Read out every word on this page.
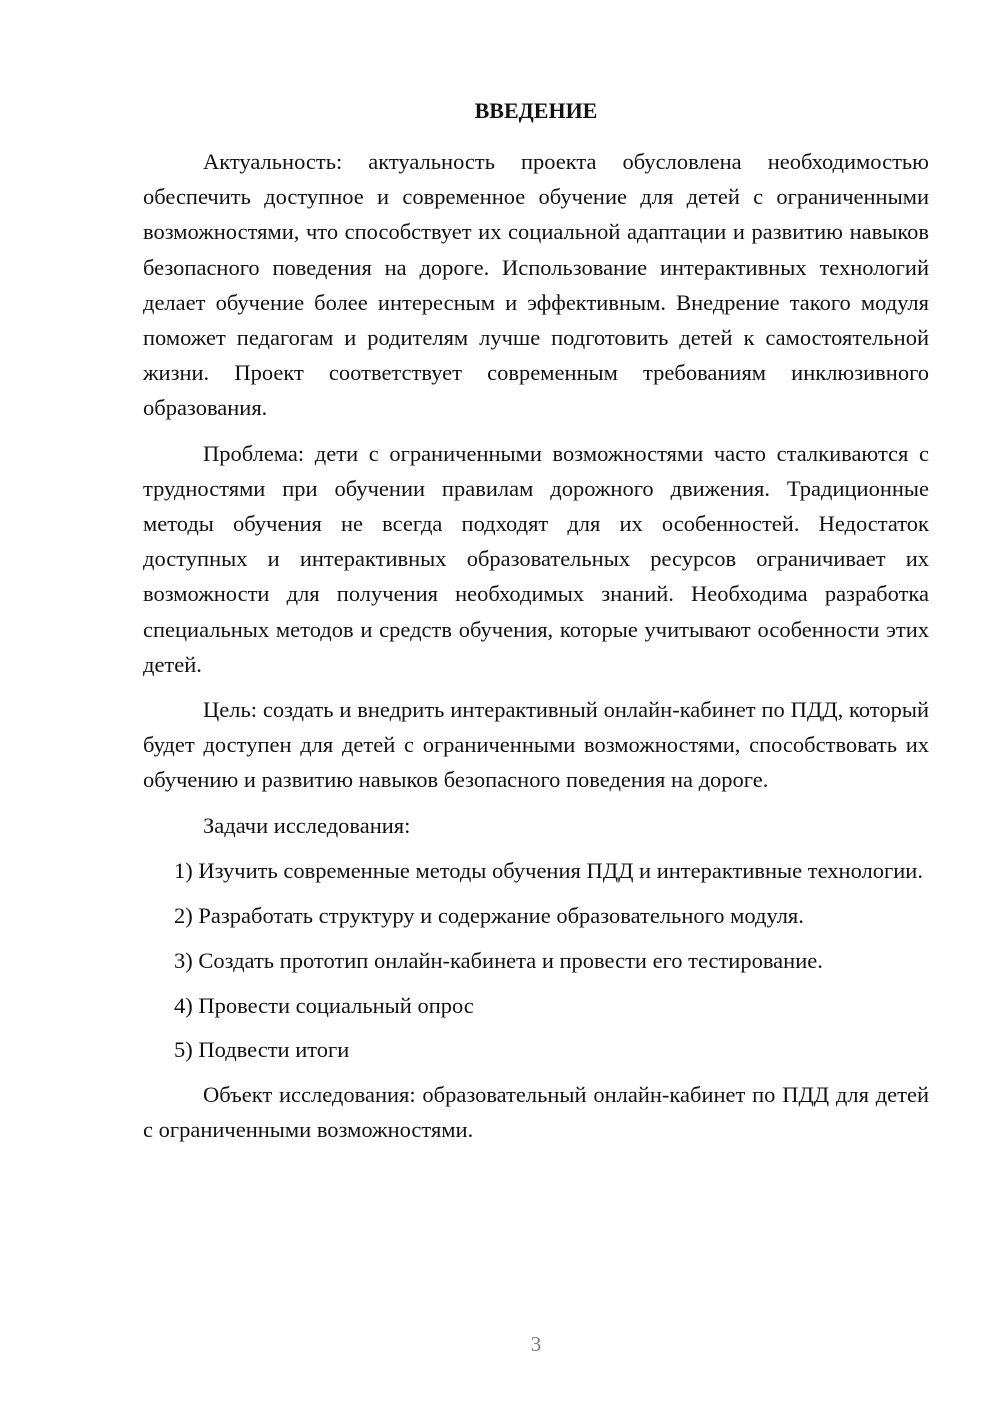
ВВЕДЕНИЕ

Актуальность: актуальность проекта обусловлена необходимостью обеспечить доступное и современное обучение для детей с ограниченными возможностями, что способствует их социальной адаптации и развитию навыков безопасного поведения на дороге. Использование интерактивных технологий делает обучение более интересным и эффективным. Внедрение такого модуля поможет педагогам и родителям лучше подготовить детей к самостоятельной жизни. Проект соответствует современным требованиям инклюзивного образования.

Проблема: дети с ограниченными возможностями часто сталкиваются с трудностями при обучении правилам дорожного движения. Традиционные методы обучения не всегда подходят для их особенностей. Недостаток доступных и интерактивных образовательных ресурсов ограничивает их возможности для получения необходимых знаний. Необходима разработка специальных методов и средств обучения, которые учитывают особенности этих детей.

Цель: создать и внедрить интерактивный онлайн-кабинет по ПДД, который будет доступен для детей с ограниченными возможностями, способствовать их обучению и развитию навыков безопасного поведения на дороге.

Задачи исследования:

1) Изучить современные методы обучения ПДД и интерактивные технологии.

2) Разработать структуру и содержание образовательного модуля.

3) Создать прототип онлайн-кабинета и провести его тестирование.

4) Провести социальный опрос

5) Подвести итоги

Объект исследования: образовательный онлайн-кабинет по ПДД для детей с ограниченными возможностями.

3
